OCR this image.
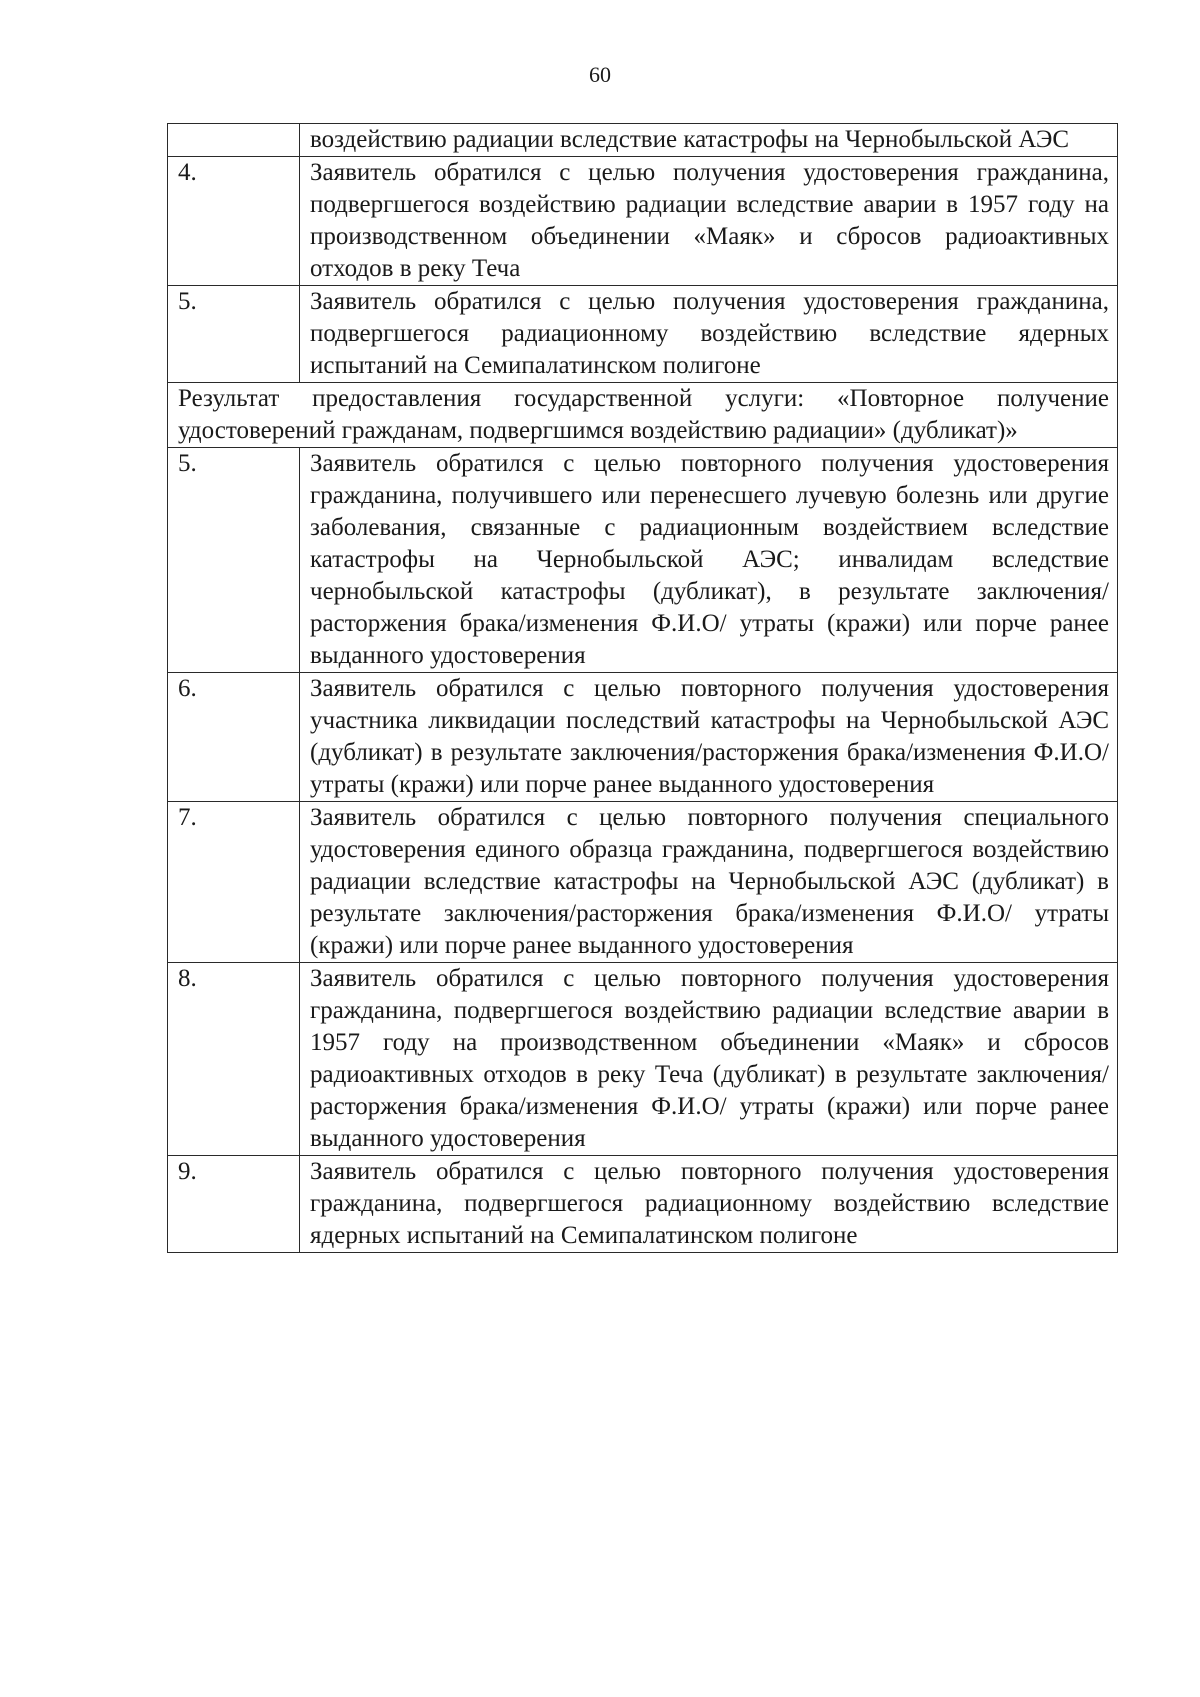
60
	воздействию радиации вследствие катастрофы на Чернобыльской АЭС
4.	Заявитель обратился с целью получения удостоверения гражданина, подвергшегося воздействию радиации вследствие аварии в 1957 году на производственном объединении «Маяк» и сбросов радиоактивных отходов в реку Теча
5.	Заявитель обратился с целью получения удостоверения гражданина, подвергшегося радиационному воздействию вследствие ядерных испытаний на Семипалатинском полигоне
Результат предоставления государственной услуги: «Повторное получение удостоверений гражданам, подвергшимся воздействию радиации» (дубликат)»	
5.	Заявитель обратился с целью повторного получения удостоверения гражданина, получившего или перенесшего лучевую болезнь или другие заболевания, связанные с радиационным воздействием вследствие катастрофы на Чернобыльской АЭС; инвалидам вследствие чернобыльской катастрофы (дубликат), в результате заключения/расторжения брака/изменения Ф.И.О/ утраты (кражи) или порче ранее выданного удостоверения
6.	Заявитель обратился с целью повторного получения удостоверения участника ликвидации последствий катастрофы на Чернобыльской АЭС (дубликат) в результате заключения/расторжения брака/изменения Ф.И.О/ утраты (кражи) или порче ранее выданного удостоверения
7.	Заявитель обратился с целью повторного получения специального удостоверения единого образца гражданина, подвергшегося воздействию радиации вследствие катастрофы на Чернобыльской АЭС (дубликат) в результате заключения/расторжения брака/изменения Ф.И.О/ утраты (кражи) или порче ранее выданного удостоверения
8.	Заявитель обратился с целью повторного получения удостоверения гражданина, подвергшегося воздействию радиации вследствие аварии в 1957 году на производственном объединении «Маяк» и сбросов радиоактивных отходов в реку Теча (дубликат) в результате заключения/расторжения брака/изменения Ф.И.О/ утраты (кражи) или порче ранее выданного удостоверения
9.	Заявитель обратился с целью повторного получения удостоверения гражданина, подвергшегося радиационному воздействию вследствие ядерных испытаний на Семипалатинском полигоне
